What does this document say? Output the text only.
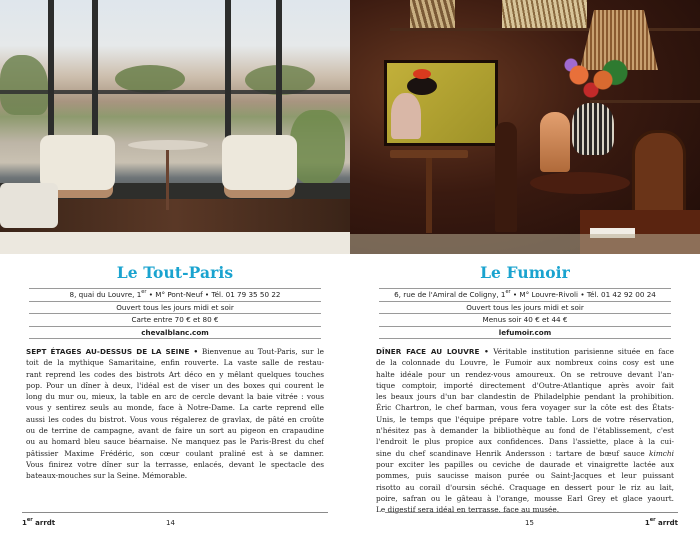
Le Tout-Paris
8, quai du Louvre, 1er • M° Pont-Neuf • Tél. 01 79 35 50 22
Ouvert tous les jours midi et soir
Carte entre 70 € et 80 €
chevalblanc.com
SEPT ÉTAGES AU-DESSUS DE LA SEINE • Bienvenue au Tout-Paris, sur le
toit de la mythique Samaritaine, enfin rouverte. La vaste salle de restau-
rant reprend les codes des bistrots Art déco en y mêlant quelques touches
pop. Pour un dîner à deux, l'idéal est de viser un des boxes qui courent le
long du mur ou, mieux, la table en arc de cercle devant la baie vitrée : vous
vous y sentirez seuls au monde, face à Notre-Dame. La carte reprend elle
aussi les codes du bistrot. Vous vous régalerez de gravlax, de pâté en croûte
ou de terrine de campagne, avant de faire un sort au pigeon en crapaudine
ou au homard bleu sauce béarnaise. Ne manquez pas le Paris-Brest du chef
pâtissier Maxime Frédéric, son cœur coulant praliné est à se damner.
Vous finirez votre dîner sur la terrasse, enlacés, devant le spectacle des
bateaux-mouches sur la Seine. Mémorable.
1er arrdt	14
Le Fumoir
6, rue de l'Amiral de Coligny, 1er • M° Louvre-Rivoli • Tél. 01 42 92 00 24
Ouvert tous les jours midi et soir
Menus soir 40 € et 44 €
lefumoir.com
DÎNER FACE AU LOUVRE • Véritable institution parisienne située en face
de la colonnade du Louvre, le Fumoir aux nombreux coins cosy est une
halte idéale pour un rendez-vous amoureux. On se retrouve devant l'an-
tique comptoir, importé directement d'Outre-Atlantique après avoir fait
les beaux jours d'un bar clandestin de Philadelphie pendant la prohibition.
Éric Chartron, le chef barman, vous fera voyager sur la côte est des États-
Unis, le temps que l'équipe prépare votre table. Lors de votre réservation,
n'hésitez pas à demander la bibliothèque au fond de l'établissement, c'est
l'endroit le plus propice aux confidences. Dans l'assiette, place à la cui-
sine du chef scandinave Henrik Andersson : tartare de bœuf sauce kimchi
pour exciter les papilles ou ceviche de daurade et vinaigrette lactée aux
pommes, puis saucisse maison purée ou Saint-Jacques et leur puissant
risotto au corail d'oursin séché. Craquage en dessert pour le riz au lait,
poire, safran ou le gâteau à l'orange, mousse Earl Grey et glace yaourt.
Le digestif sera idéal en terrasse, face au musée.
15	1er arrdt
